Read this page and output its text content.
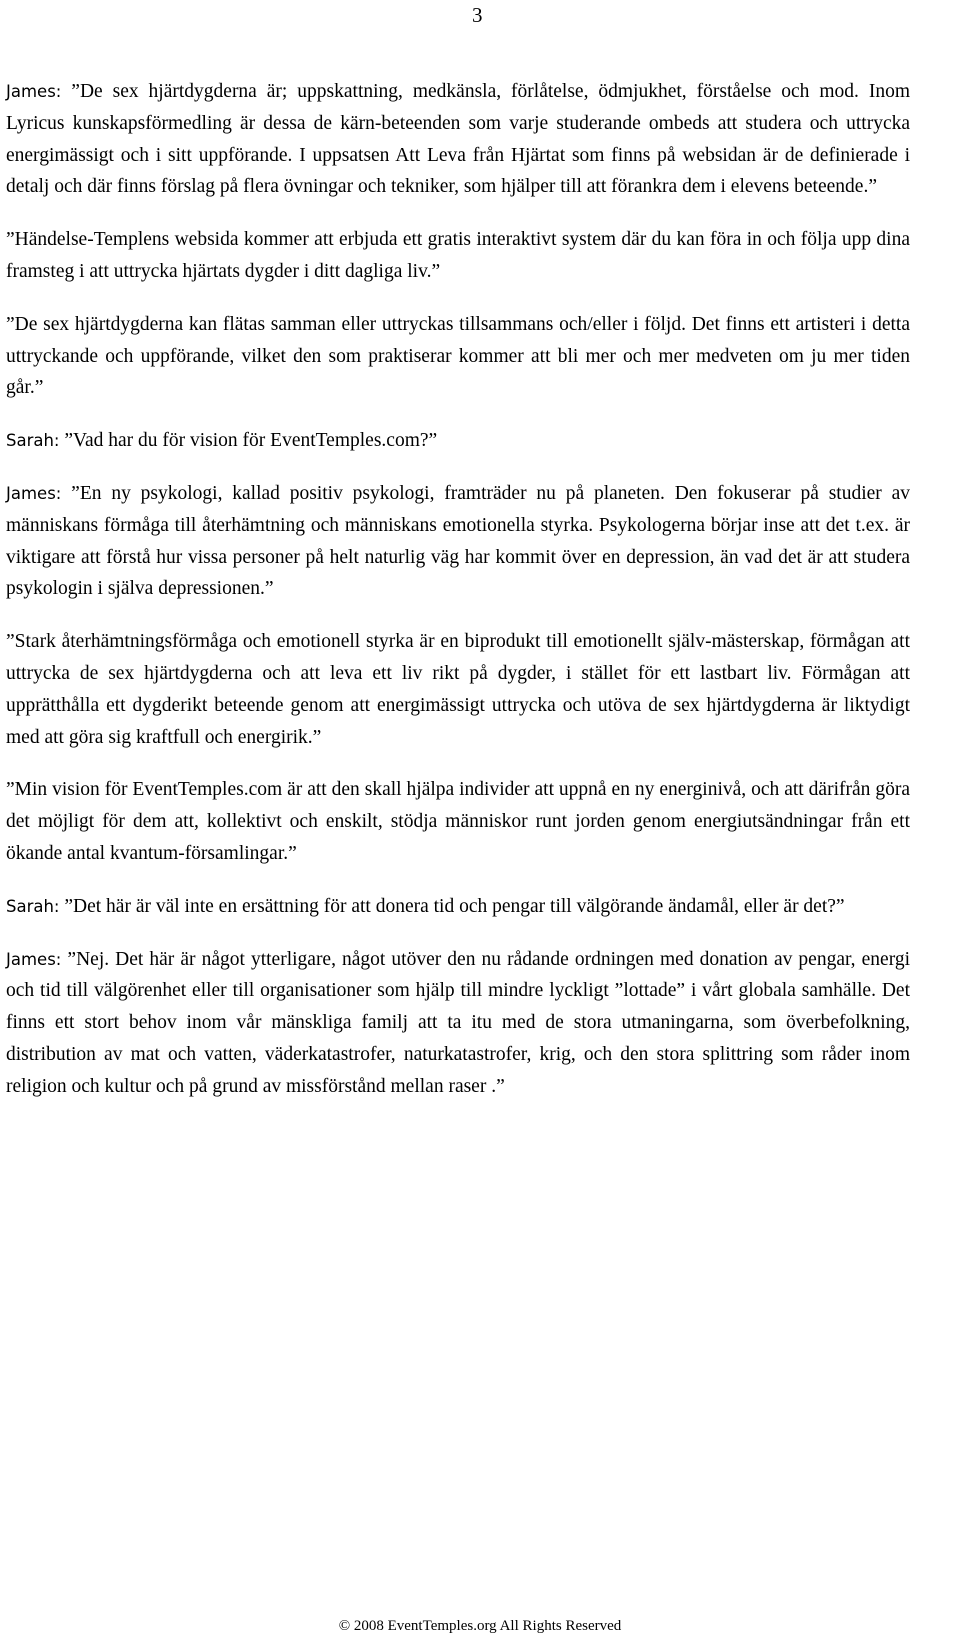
3

James: ”De sex hjärtdygderna är; uppskattning, medkänsla, förlåtelse, ödmjukhet, förståelse och mod. Inom Lyricus kunskapsförmedling är dessa de kärn-beteenden som varje studerande ombeds att studera och uttrycka energimässigt och i sitt uppförande. I uppsatsen Att Leva från Hjärtat som finns på websidan är de definierade i detalj och där finns förslag på flera övningar och tekniker, som hjälper till att förankra dem i elevens beteende.”

”Händelse-Templens websida kommer att erbjuda ett gratis interaktivt system där du kan föra in och följa upp dina framsteg i att uttrycka hjärtats dygder i ditt dagliga liv.”

”De sex hjärtdygderna kan flätas samman eller uttryckas tillsammans och/eller i följd. Det finns ett artisteri i detta uttryckande och uppförande, vilket den som praktiserar kommer att bli mer och mer medveten om ju mer tiden går.”

Sarah: ”Vad har du för vision för EventTemples.com?”

James: ”En ny psykologi, kallad positiv psykologi, framträder nu på planeten. Den fokuserar på studier av människans förmåga till återhämtning och människans emotionella styrka. Psykologerna börjar inse att det t.ex. är viktigare att förstå hur vissa personer på helt naturlig väg har kommit över en depression, än vad det är att studera psykologin i själva depressionen.”

”Stark återhämtningsförmåga och emotionell styrka är en biprodukt till emotionellt själv-mästerskap, förmågan att uttrycka de sex hjärtdygderna och att leva ett liv rikt på dygder, i stället för ett lastbart liv. Förmågan att upprätthålla ett dygderikt beteende genom att energimässigt uttrycka och utöva de sex hjärtdygderna är liktydigt med att göra sig kraftfull och energirik.”

”Min vision för EventTemples.com är att den skall hjälpa individer att uppnå en ny energinivå, och att därifrån göra det möjligt för dem att, kollektivt och enskilt, stödja människor runt jorden genom energiutsändningar från ett ökande antal kvantum-församlingar.”

Sarah: ”Det här är väl inte en ersättning för att donera tid och pengar till välgörande ändamål, eller är det?”

James: ”Nej. Det här är något ytterligare, något utöver den nu rådande ordningen med donation av pengar, energi och tid till välgörenhet eller till organisationer som hjälp till mindre lyckligt ”lottade” i vårt globala samhälle. Det finns ett stort behov inom vår mänskliga familj att ta itu med de stora utmaningarna, som överbefolkning, distribution av mat och vatten, väderkatastrofer, naturkatastrofer, krig, och den stora splittring som råder inom religion och kultur och på grund av missförstånd mellan raser .”

© 2008 EventTemples.org All Rights Reserved
